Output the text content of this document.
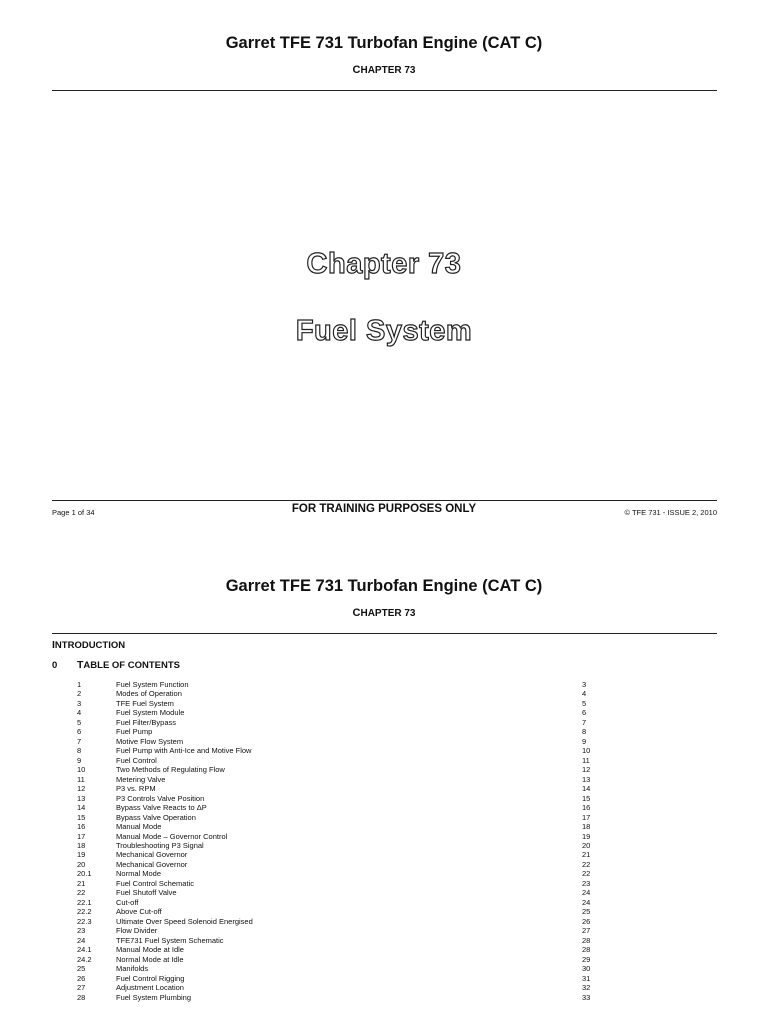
Garret TFE 731 Turbofan Engine (CAT C)
CHAPTER 73
Chapter 73
Fuel System
Page 1 of 34	FOR TRAINING PURPOSES ONLY	© TFE 731 - ISSUE 2, 2010
Garret TFE 731 Turbofan Engine (CAT C)
CHAPTER 73
INTRODUCTION
0 TABLE OF CONTENTS
1	Fuel System Function	3
2	Modes of Operation	4
3	TFE Fuel System	5
4	Fuel System Module	6
5	Fuel Filter/Bypass	7
6	Fuel Pump	8
7	Motive Flow System	9
8	Fuel Pump with Anti-Ice and Motive Flow	10
9	Fuel Control	11
10	Two Methods of Regulating Flow	12
11	Metering Valve	13
12	P3 vs. RPM	14
13	P3 Controls Valve Position	15
14	Bypass Valve Reacts to ΔP	16
15	Bypass Valve Operation	17
16	Manual Mode	18
17	Manual Mode – Governor Control	19
18	Troubleshooting P3 Signal	20
19	Mechanical Governor	21
20	Mechanical Governor	22
20.1	Normal Mode	22
21	Fuel Control Schematic	23
22	Fuel Shutoff Valve	24
22.1	Cut-off	24
22.2	Above Cut-off	25
22.3	Ultimate Over Speed Solenoid Energised	26
23	Flow Divider	27
24	TFE731 Fuel System Schematic	28
24.1	Manual Mode at Idle	28
24.2	Normal Mode at Idle	29
25	Manifolds	30
26	Fuel Control Rigging	31
27	Adjustment Location	32
28	Fuel System Plumbing	33
